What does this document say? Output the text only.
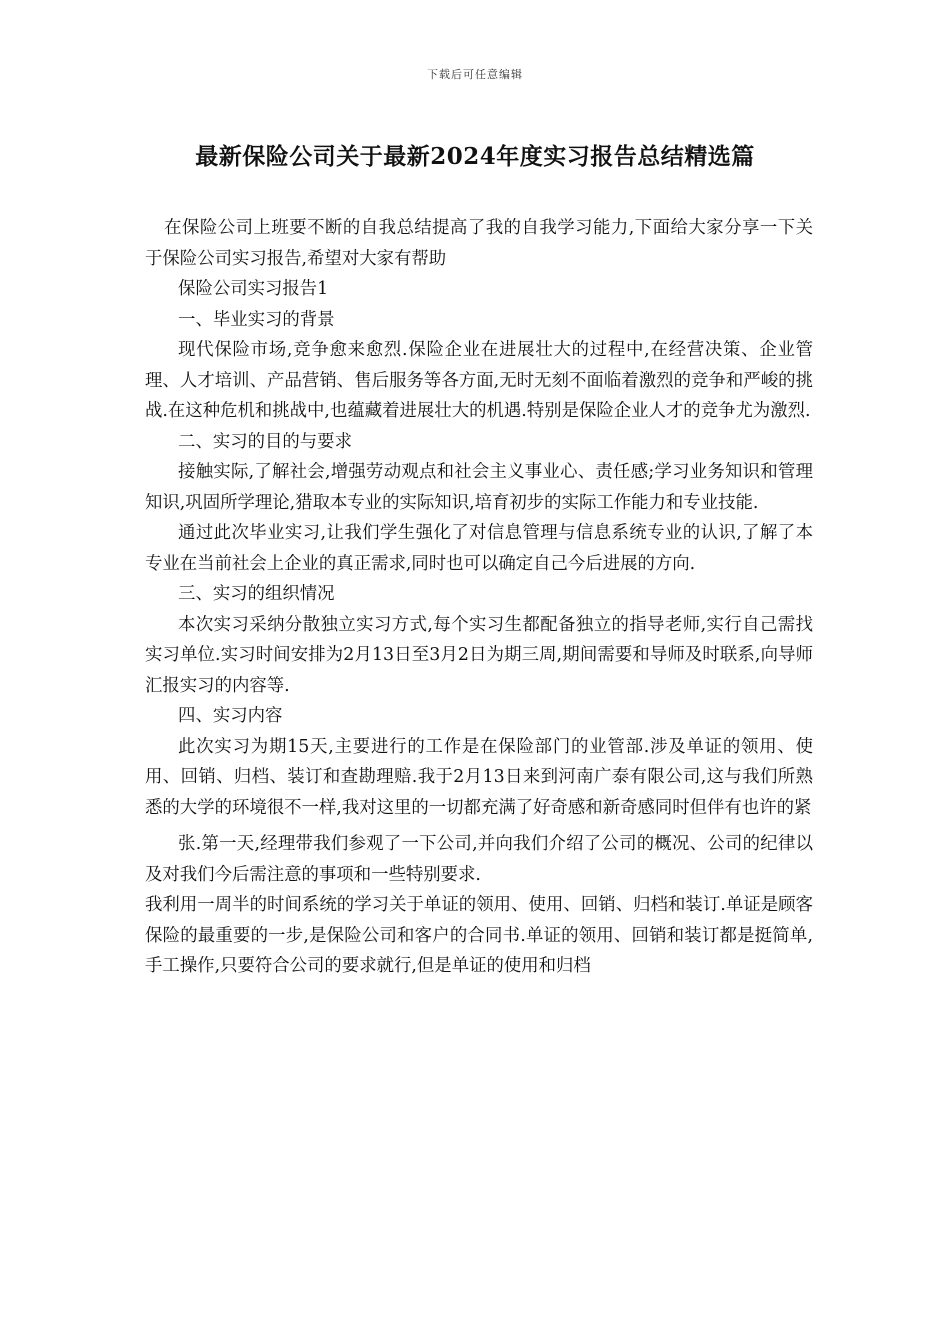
下载后可任意编辑
最新保险公司关于最新2024年度实习报告总结精选篇

在保险公司上班要不断的自我总结提高了我的自我学习能力,下面给大家分享一下关于保险公司实习报告,希望对大家有帮助

保险公司实习报告1

一、毕业实习的背景

现代保险市场,竞争愈来愈烈.保险企业在进展壮大的过程中,在经营决策、企业管理、人才培训、产品营销、售后服务等各方面,无时无刻不面临着激烈的竞争和严峻的挑战.在这种危机和挑战中,也蕴藏着进展壮大的机遇.特别是保险企业人才的竞争尤为激烈.

二、实习的目的与要求

接触实际,了解社会,增强劳动观点和社会主义事业心、责任感;学习业务知识和管理知识,巩固所学理论,猎取本专业的实际知识,培育初步的实际工作能力和专业技能.

通过此次毕业实习,让我们学生强化了对信息管理与信息系统专业的认识,了解了本专业在当前社会上企业的真正需求,同时也可以确定自己今后进展的方向.

三、实习的组织情况

本次实习采纳分散独立实习方式,每个实习生都配备独立的指导老师,实行自己需找实习单位.实习时间安排为2月13日至3月2日为期三周,期间需要和导师及时联系,向导师汇报实习的内容等.

四、实习内容

此次实习为期15天,主要进行的工作是在保险部门的业管部.涉及单证的领用、使用、回销、归档、装订和查勘理赔.我于2月13日来到河南广泰有限公司,这与我们所熟悉的大学的环境很不一样,我对这里的一切都充满了好奇感和新奇感同时但伴有也许的紧

张.第一天,经理带我们参观了一下公司,并向我们介绍了公司的概况、公司的纪律以及对我们今后需注意的事项和一些特别要求.

我利用一周半的时间系统的学习关于单证的领用、使用、回销、归档和装订.单证是顾客保险的最重要的一步,是保险公司和客户的合同书.单证的领用、回销和装订都是挺简单,手工操作,只要符合公司的要求就行,但是单证的使用和归档
